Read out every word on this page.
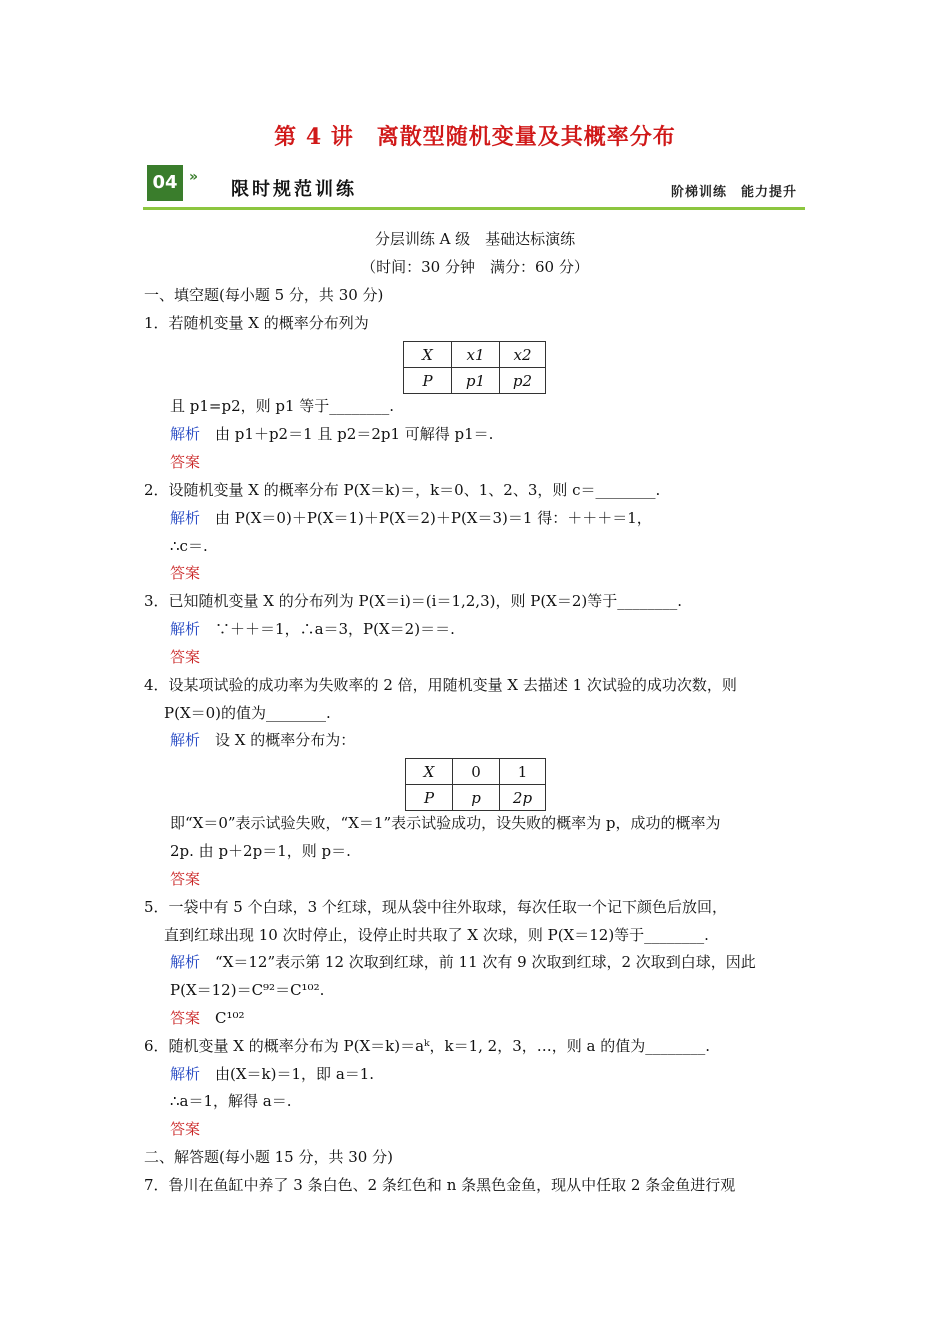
第 4 讲　离散型随机变量及其概率分布
04 »
限时规范训练	阶梯训练　能力提升
分层训练 A 级　基础达标演练
（时间：30 分钟　满分：60 分）
一、填空题(每小题 5 分，共 30 分)
1．若随机变量 X 的概率分布列为
X	x1	x2
P	p1	p2
且 p1=p2，则 p1 等于________.
解析　 由 p1＋p2＝1 且 p2＝2p1 可解得 p1＝.
答案
2．设随机变量 X 的概率分布 P(X＝k)＝，k＝0、1、2、3，则 c＝________.
解析　 由 P(X＝0)＋P(X＝1)＋P(X＝2)＋P(X＝3)＝1 得：＋＋＋＝1，
∴c＝.
答案
3．已知随机变量 X 的分布列为 P(X＝i)＝(i＝1,2,3)，则 P(X＝2)等于________.
解析　 ∵＋＋＝1，∴a＝3，P(X＝2)＝＝.
答案
4．设某项试验的成功率为失败率的 2 倍，用随机变量 X 去描述 1 次试验的成功次数，则
P(X＝0)的值为________.
解析　 设 X 的概率分布为：
X	0	1
P	p	2p
即“X＝0”表示试验失败，“X＝1”表示试验成功，设失败的概率为 p，成功的概率为
2p. 由 p＋2p＝1，则 p＝.
答案
5．一袋中有 5 个白球，3 个红球，现从袋中往外取球，每次任取一个记下颜色后放回，
直到红球出现 10 次时停止，设停止时共取了 X 次球，则 P(X＝12)等于________.
解析　 “X＝12”表示第 12 次取到红球，前 11 次有 9 次取到红球，2 次取到白球，因此
P(X＝12)＝C⁹²＝C¹⁰².
答案　 C¹⁰²
6．随机变量 X 的概率分布为 P(X＝k)＝aᵏ，k＝1, 2，3，…，则 a 的值为________.
解析　 由(X＝k)＝1，即 a＝1.
∴a＝1，解得 a＝.
答案
二、解答题(每小题 15 分，共 30 分)
7．鲁川在鱼缸中养了 3 条白色、2 条红色和 n 条黑色金鱼，现从中任取 2 条金鱼进行观
